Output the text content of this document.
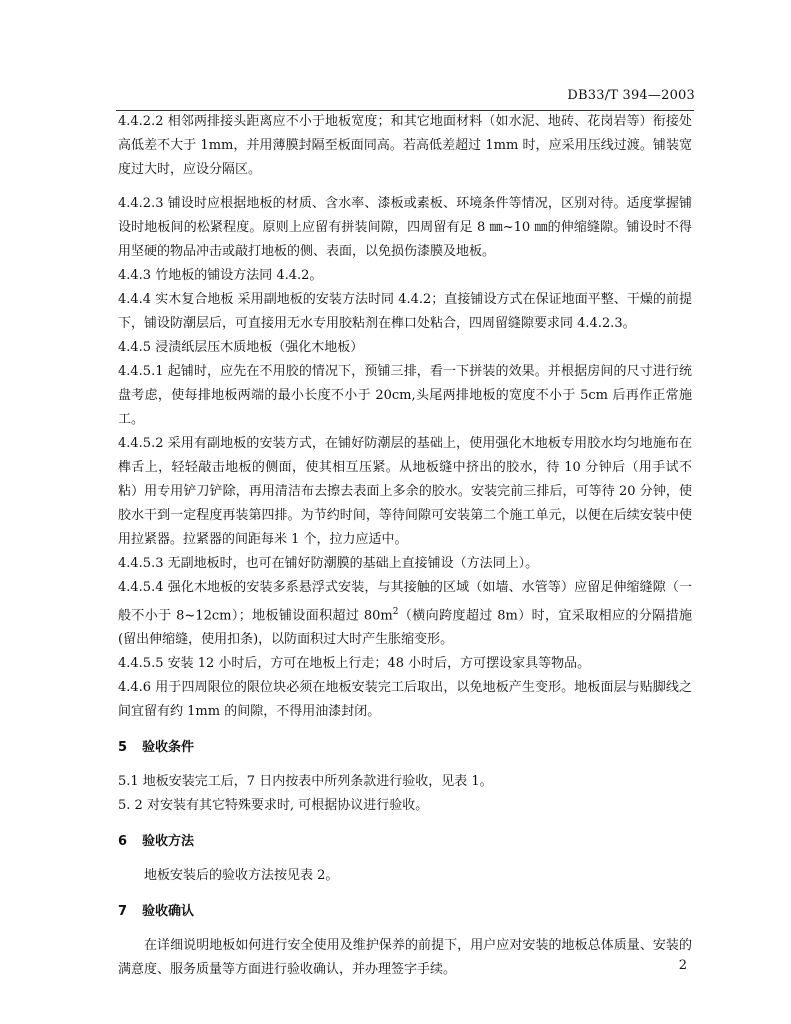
DB33/T 394—2003

4.4.2.2 相邻两排接头距离应不小于地板宽度；和其它地面材料（如水泥、地砖、花岗岩等）衔接处高低差不大于 1mm，并用薄膜封隔至板面同高。若高低差超过 1mm 时，应采用压线过渡。铺装宽度过大时，应设分隔区。

4.4.2.3 铺设时应根据地板的材质、含水率、漆板或素板、环境条件等情况，区别对待。适度掌握铺设时地板间的松紧程度。原则上应留有拼装间隙，四周留有足 8 ㎜~10 ㎜的伸缩缝隙。铺设时不得用坚硬的物品冲击或敲打地板的侧、表面，以免损伤漆膜及地板。

4.4.3 竹地板的铺设方法同 4.4.2。

4.4.4 实木复合地板 采用副地板的安装方法时同 4.4.2；直接铺设方式在保证地面平整、干燥的前提下，铺设防潮层后，可直接用无水专用胶粘剂在榫口处粘合，四周留缝隙要求同 4.4.2.3。

4.4.5 浸渍纸层压木质地板（强化木地板）

4.4.5.1 起铺时，应先在不用胶的情况下，预铺三排，看一下拼装的效果。并根据房间的尺寸进行统盘考虑，使每排地板两端的最小长度不小于 20cm,头尾两排地板的宽度不小于 5cm 后再作正常施工。

4.4.5.2 采用有副地板的安装方式，在铺好防潮层的基础上，使用强化木地板专用胶水均匀地施布在榫舌上，轻轻敲击地板的侧面，使其相互压紧。从地板缝中挤出的胶水，待 10 分钟后（用手试不粘）用专用铲刀铲除，再用清洁布去擦去表面上多余的胶水。安装完前三排后，可等待 20 分钟，使胶水干到一定程度再装第四排。为节约时间，等待间隙可安装第二个施工单元，以便在后续安装中使用拉紧器。拉紧器的间距每米 1 个，拉力应适中。

4.4.5.3 无副地板时，也可在铺好防潮膜的基础上直接铺设（方法同上）。

4.4.5.4 强化木地板的安装多系悬浮式安装，与其接触的区域（如墙、水管等）应留足伸缩缝隙（一般不小于 8~12cm）；地板铺设面积超过 $80m^2$（横向跨度超过 8m）时，宜采取相应的分隔措施(留出伸缩缝，使用扣条)，以防面积过大时产生胀缩变形。

4.4.5.5 安装 12 小时后，方可在地板上行走；48 小时后，方可摆设家具等物品。

4.4.6 用于四周限位的限位块必须在地板安装完工后取出，以免地板产生变形。地板面层与贴脚线之间宜留有约 1mm 的间隙，不得用油漆封闭。

5 验收条件

5.1 地板安装完工后，7 日内按表中所列条款进行验收，见表 1。

5. 2 对安装有其它特殊要求时, 可根据协议进行验收。

6 验收方法

地板安装后的验收方法按见表 2。

7 验收确认

在详细说明地板如何进行安全使用及维护保养的前提下，用户应对安装的地板总体质量、安装的满意度、服务质量等方面进行验收确认，并办理签字手续。	2
